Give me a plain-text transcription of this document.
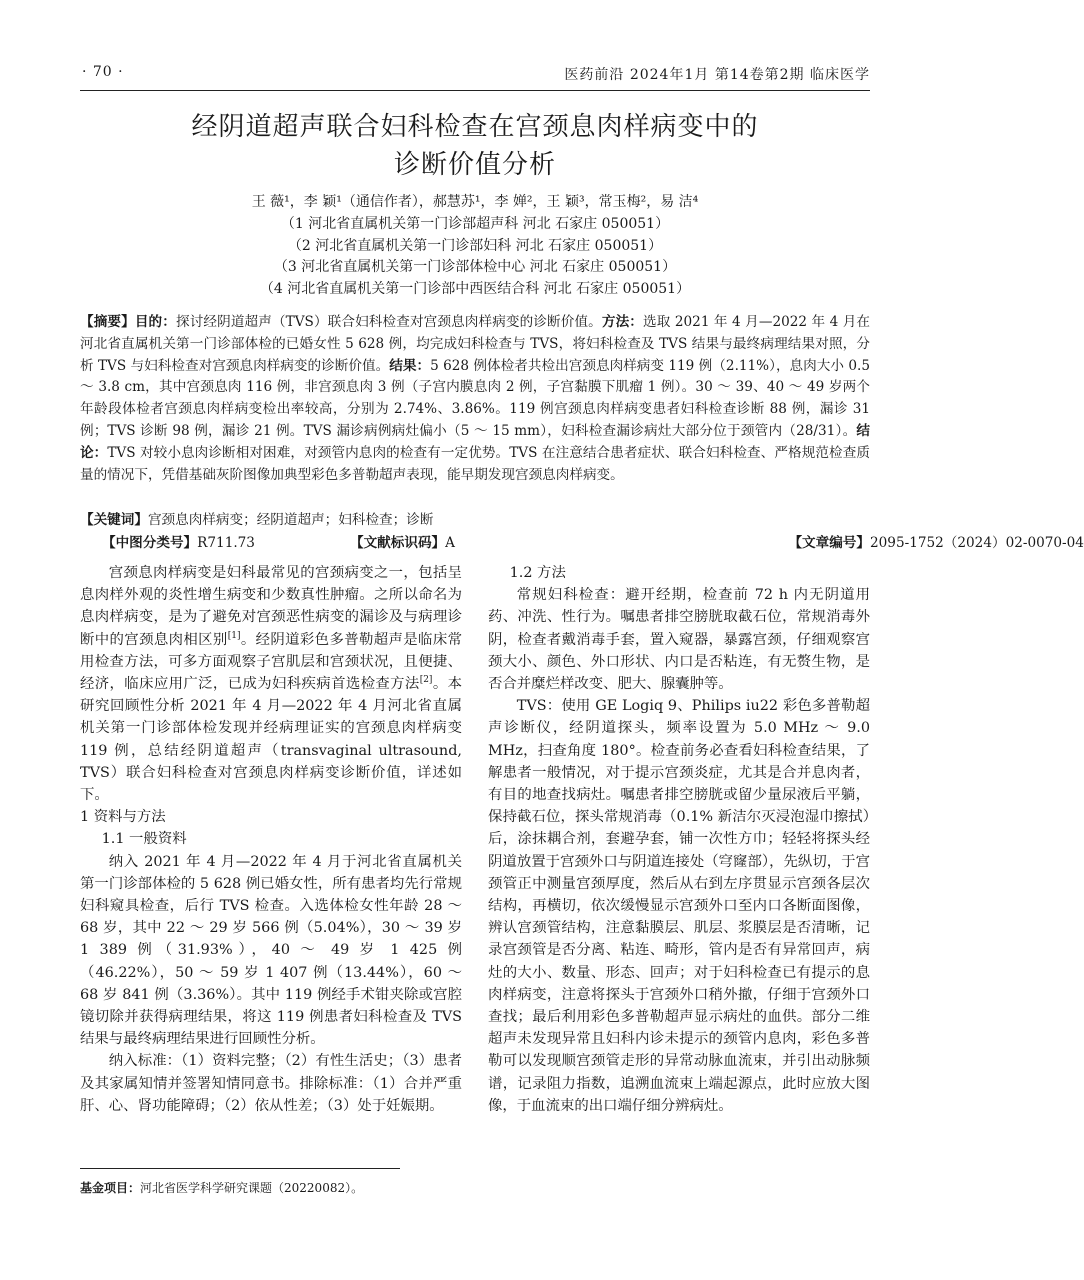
· 70 ·	医药前沿 2024年1月 第14卷第2期 临床医学
经阴道超声联合妇科检查在宫颈息肉样病变中的
诊断价值分析
王 薇¹，李 颖¹（通信作者），郝慧苏¹，李 婵²，王 颖³，常玉梅²，易 洁⁴
（1 河北省直属机关第一门诊部超声科 河北 石家庄 050051）
（2 河北省直属机关第一门诊部妇科 河北 石家庄 050051）
（3 河北省直属机关第一门诊部体检中心 河北 石家庄 050051）
（4 河北省直属机关第一门诊部中西医结合科 河北 石家庄 050051）
【摘要】目的：探讨经阴道超声（TVS）联合妇科检查对宫颈息肉样病变的诊断价值。方法：选取 2021 年 4 月—2022 年 4 月在河北省直属机关第一门诊部体检的已婚女性 5 628 例，均完成妇科检查与 TVS，将妇科检查及 TVS 结果与最终病理结果对照，分析 TVS 与妇科检查对宫颈息肉样病变的诊断价值。结果：5 628 例体检者共检出宫颈息肉样病变 119 例（2.11%），息肉大小 0.5 ～ 3.8 cm，其中宫颈息肉 116 例，非宫颈息肉 3 例（子宫内膜息肉 2 例，子宫黏膜下肌瘤 1 例）。30 ～ 39、40 ～ 49 岁两个年龄段体检者宫颈息肉样病变检出率较高，分别为 2.74%、3.86%。119 例宫颈息肉样病变患者妇科检查诊断 88 例，漏诊 31 例；TVS 诊断 98 例，漏诊 21 例。TVS 漏诊病例病灶偏小（5 ～ 15 mm），妇科检查漏诊病灶大部分位于颈管内（28/31）。结论：TVS 对较小息肉诊断相对困难，对颈管内息肉的检查有一定优势。TVS 在注意结合患者症状、联合妇科检查、严格规范检查质量的情况下，凭借基础灰阶图像加典型彩色多普勒超声表现，能早期发现宫颈息肉样病变。
【关键词】宫颈息肉样病变；经阴道超声；妇科检查；诊断
【中图分类号】 R711.73	【文献标识码】 A	【文章编号】 2095-1752（2024）02-0070-04

宫颈息肉样病变是妇科最常见的宫颈病变之一，包括呈息肉样外观的炎性增生病变和少数真性肿瘤。之所以命名为息肉样病变，是为了避免对宫颈恶性病变的漏诊及与病理诊断中的宫颈息肉相区别[1]。经阴道彩色多普勒超声是临床常用检查方法，可多方面观察子宫肌层和宫颈状况，且便捷、经济，临床应用广泛，已成为妇科疾病首选检查方法[2]。本研究回顾性分析 2021 年 4 月—2022 年 4 月河北省直属机关第一门诊部体检发现并经病理证实的宫颈息肉样病变 119 例，总结经阴道超声（transvaginal ultrasound, TVS）联合妇科检查对宫颈息肉样病变诊断价值，详述如下。

1 资料与方法

1.1 一般资料

纳入 2021 年 4 月—2022 年 4 月于河北省直属机关第一门诊部体检的 5 628 例已婚女性，所有患者均先行常规妇科窥具检查，后行 TVS 检查。入选体检女性年龄 28 ～ 68 岁，其中 22 ～ 29 岁 566 例（5.04%），30 ～ 39 岁 1 389 例（31.93%），40 ～ 49 岁 1 425 例（46.22%），50 ～ 59 岁 1 407 例（13.44%），60 ～ 68 岁 841 例（3.36%）。其中 119 例经手术钳夹除或宫腔镜切除并获得病理结果，将这 119 例患者妇科检查及 TVS 结果与最终病理结果进行回顾性分析。

纳入标准：（1）资料完整；（2）有性生活史；（3）患者及其家属知情并签署知情同意书。排除标准：（1）合并严重肝、心、肾功能障碍；（2）依从性差；（3）处于妊娠期。

1.2 方法

常规妇科检查：避开经期，检查前 72 h 内无阴道用药、冲洗、性行为。嘱患者排空膀胱取截石位，常规消毒外阴，检查者戴消毒手套，置入窥器，暴露宫颈，仔细观察宫颈大小、颜色、外口形状、内口是否粘连，有无赘生物，是否合并糜烂样改变、肥大、腺囊肿等。

TVS：使用 GE Logiq 9、Philips iu22 彩色多普勒超声诊断仪，经阴道探头，频率设置为 5.0 MHz ～ 9.0 MHz，扫查角度 180°。检查前务必查看妇科检查结果，了解患者一般情况，对于提示宫颈炎症，尤其是合并息肉者，有目的地查找病灶。嘱患者排空膀胱或留少量尿液后平躺，保持截石位，探头常规消毒（0.1% 新洁尔灭浸泡湿巾擦拭）后，涂抹耦合剂，套避孕套，铺一次性方巾；轻轻将探头经阴道放置于宫颈外口与阴道连接处（穹窿部），先纵切，于宫颈管正中测量宫颈厚度，然后从右到左序贯显示宫颈各层次结构，再横切，依次缓慢显示宫颈外口至内口各断面图像，辨认宫颈管结构，注意黏膜层、肌层、浆膜层是否清晰，记录宫颈管是否分离、粘连、畸形，管内是否有异常回声，病灶的大小、数量、形态、回声；对于妇科检查已有提示的息肉样病变，注意将探头于宫颈外口稍外撤，仔细于宫颈外口查找；最后利用彩色多普勒超声显示病灶的血供。部分二维超声未发现异常且妇科内诊未提示的颈管内息肉，彩色多普勒可以发现顺宫颈管走形的异常动脉血流束，并引出动脉频谱，记录阻力指数，追溯血流束上端起源点，此时应放大图像，于血流束的出口端仔细分辨病灶。

基金项目：河北省医学科学研究课题（20220082）。
